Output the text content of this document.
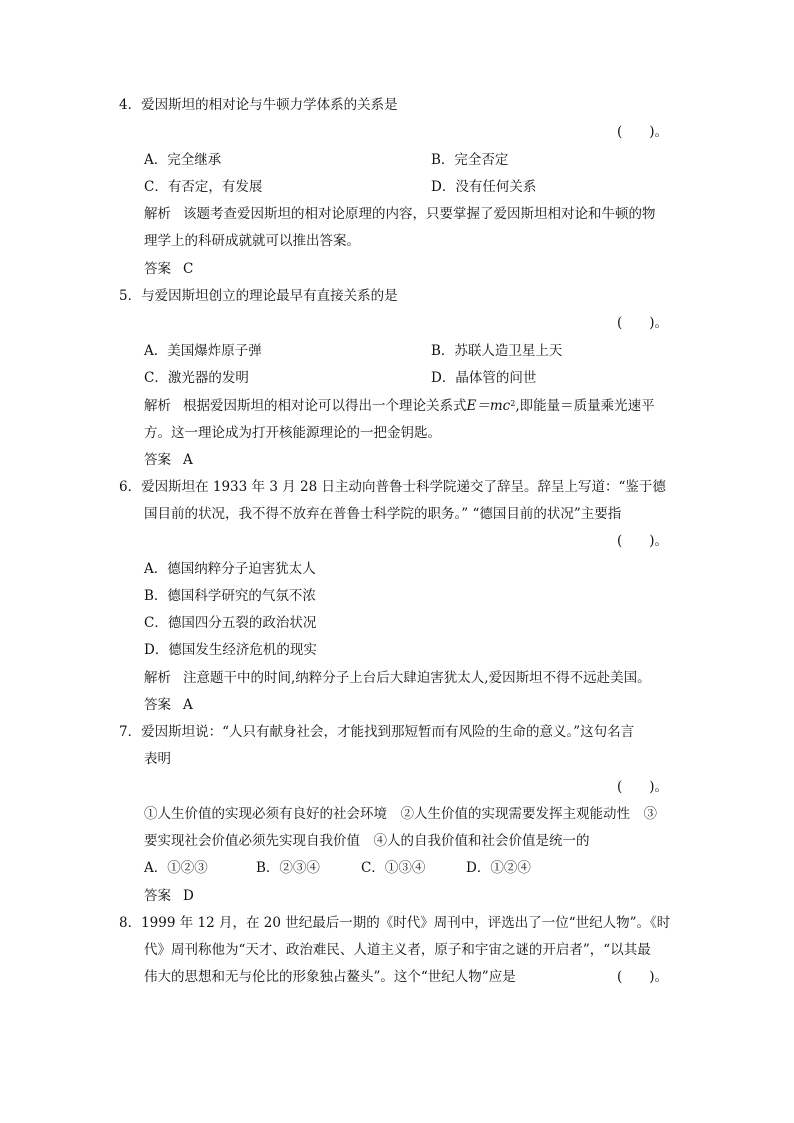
4．爱因斯坦的相对论与牛顿力学体系的关系是
(　　)。
A．完全继承	B．完全否定
C．有否定，有发展	D．没有任何关系
解析 该题考查爱因斯坦的相对论原理的内容，只要掌握了爱因斯坦相对论和牛顿的物
理学上的科研成就就可以推出答案。
答案 C
5．与爱因斯坦创立的理论最早有直接关系的是
(　　)。
A．美国爆炸原子弹	B．苏联人造卫星上天
C．激光器的发明	D．晶体管的问世
解析 根据爱因斯坦的相对论可以得出一个理论关系式$E=mc^2$,即能量＝质量乘光速平
方。这一理论成为打开核能源理论的一把金钥匙。
答案 A
6．爱因斯坦在 1933 年 3 月 28 日主动向普鲁士科学院递交了辞呈。辞呈上写道：“鉴于德
国目前的状况，我不得不放弃在普鲁士科学院的职务。” “德国目前的状况”主要指
(　　)。
A．德国纳粹分子迫害犹太人
B．德国科学研究的气氛不浓
C．德国四分五裂的政治状况
D．德国发生经济危机的现实
解析 注意题干中的时间,纳粹分子上台后大肆迫害犹太人,爱因斯坦不得不远赴美国。
答案 A
7．爱因斯坦说：“人只有献身社会，才能找到那短暂而有风险的生命的意义。”这句名言
表明
(　　)。
①人生价值的实现必须有良好的社会环境　②人生价值的实现需要发挥主观能动性　③
要实现社会价值必须先实现自我价值　④人的自我价值和社会价值是统一的
A．①②③	B．②③④	C．①③④	D．①②④
答案 D
8．1999 年 12 月，在 20 世纪最后一期的《时代》周刊中，评选出了一位“世纪人物”。《时
代》周刊称他为“天才、政治难民、人道主义者，原子和宇宙之谜的开启者”，“以其最
伟大的思想和无与伦比的形象独占鳌头”。这个“世纪人物”应是	(　　)。
